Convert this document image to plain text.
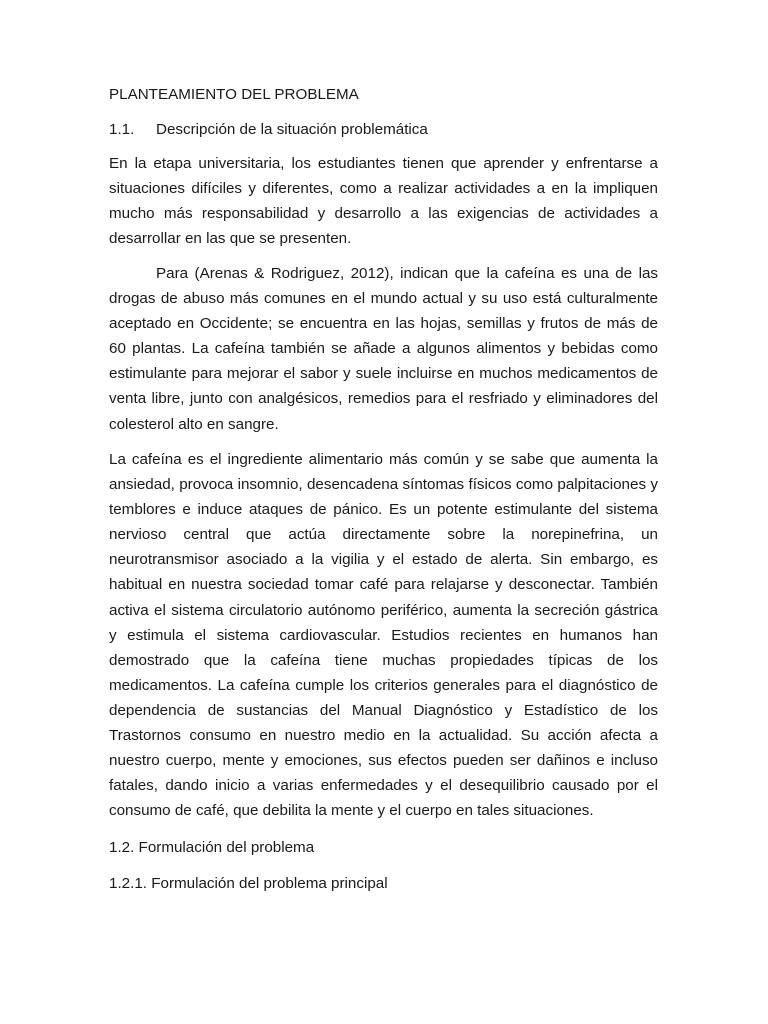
PLANTEAMIENTO DEL PROBLEMA
1.1. Descripción de la situación problemática

En la etapa universitaria, los estudiantes tienen que aprender y enfrentarse a situaciones difíciles y diferentes, como a realizar actividades a en la impliquen mucho más responsabilidad y desarrollo a las exigencias de actividades a desarrollar en las que se presenten.

Para (Arenas & Rodriguez, 2012), indican que la cafeína es una de las drogas de abuso más comunes en el mundo actual y su uso está culturalmente aceptado en Occidente; se encuentra en las hojas, semillas y frutos de más de 60 plantas. La cafeína también se añade a algunos alimentos y bebidas como estimulante para mejorar el sabor y suele incluirse en muchos medicamentos de venta libre, junto con analgésicos, remedios para el resfriado y eliminadores del colesterol alto en sangre.

La cafeína es el ingrediente alimentario más común y se sabe que aumenta la ansiedad, provoca insomnio, desencadena síntomas físicos como palpitaciones y temblores e induce ataques de pánico. Es un potente estimulante del sistema nervioso central que actúa directamente sobre la norepinefrina, un neurotransmisor asociado a la vigilia y el estado de alerta. Sin embargo, es habitual en nuestra sociedad tomar café para relajarse y desconectar. También activa el sistema circulatorio autónomo periférico, aumenta la secreción gástrica y estimula el sistema cardiovascular. Estudios recientes en humanos han demostrado que la cafeína tiene muchas propiedades típicas de los medicamentos. La cafeína cumple los criterios generales para el diagnóstico de dependencia de sustancias del Manual Diagnóstico y Estadístico de los Trastornos consumo en nuestro medio en la actualidad. Su acción afecta a nuestro cuerpo, mente y emociones, sus efectos pueden ser dañinos e incluso fatales, dando inicio a varias enfermedades y el desequilibrio causado por el consumo de café, que debilita la mente y el cuerpo en tales situaciones.

1.2. Formulación del problema
1.2.1. Formulación del problema principal
